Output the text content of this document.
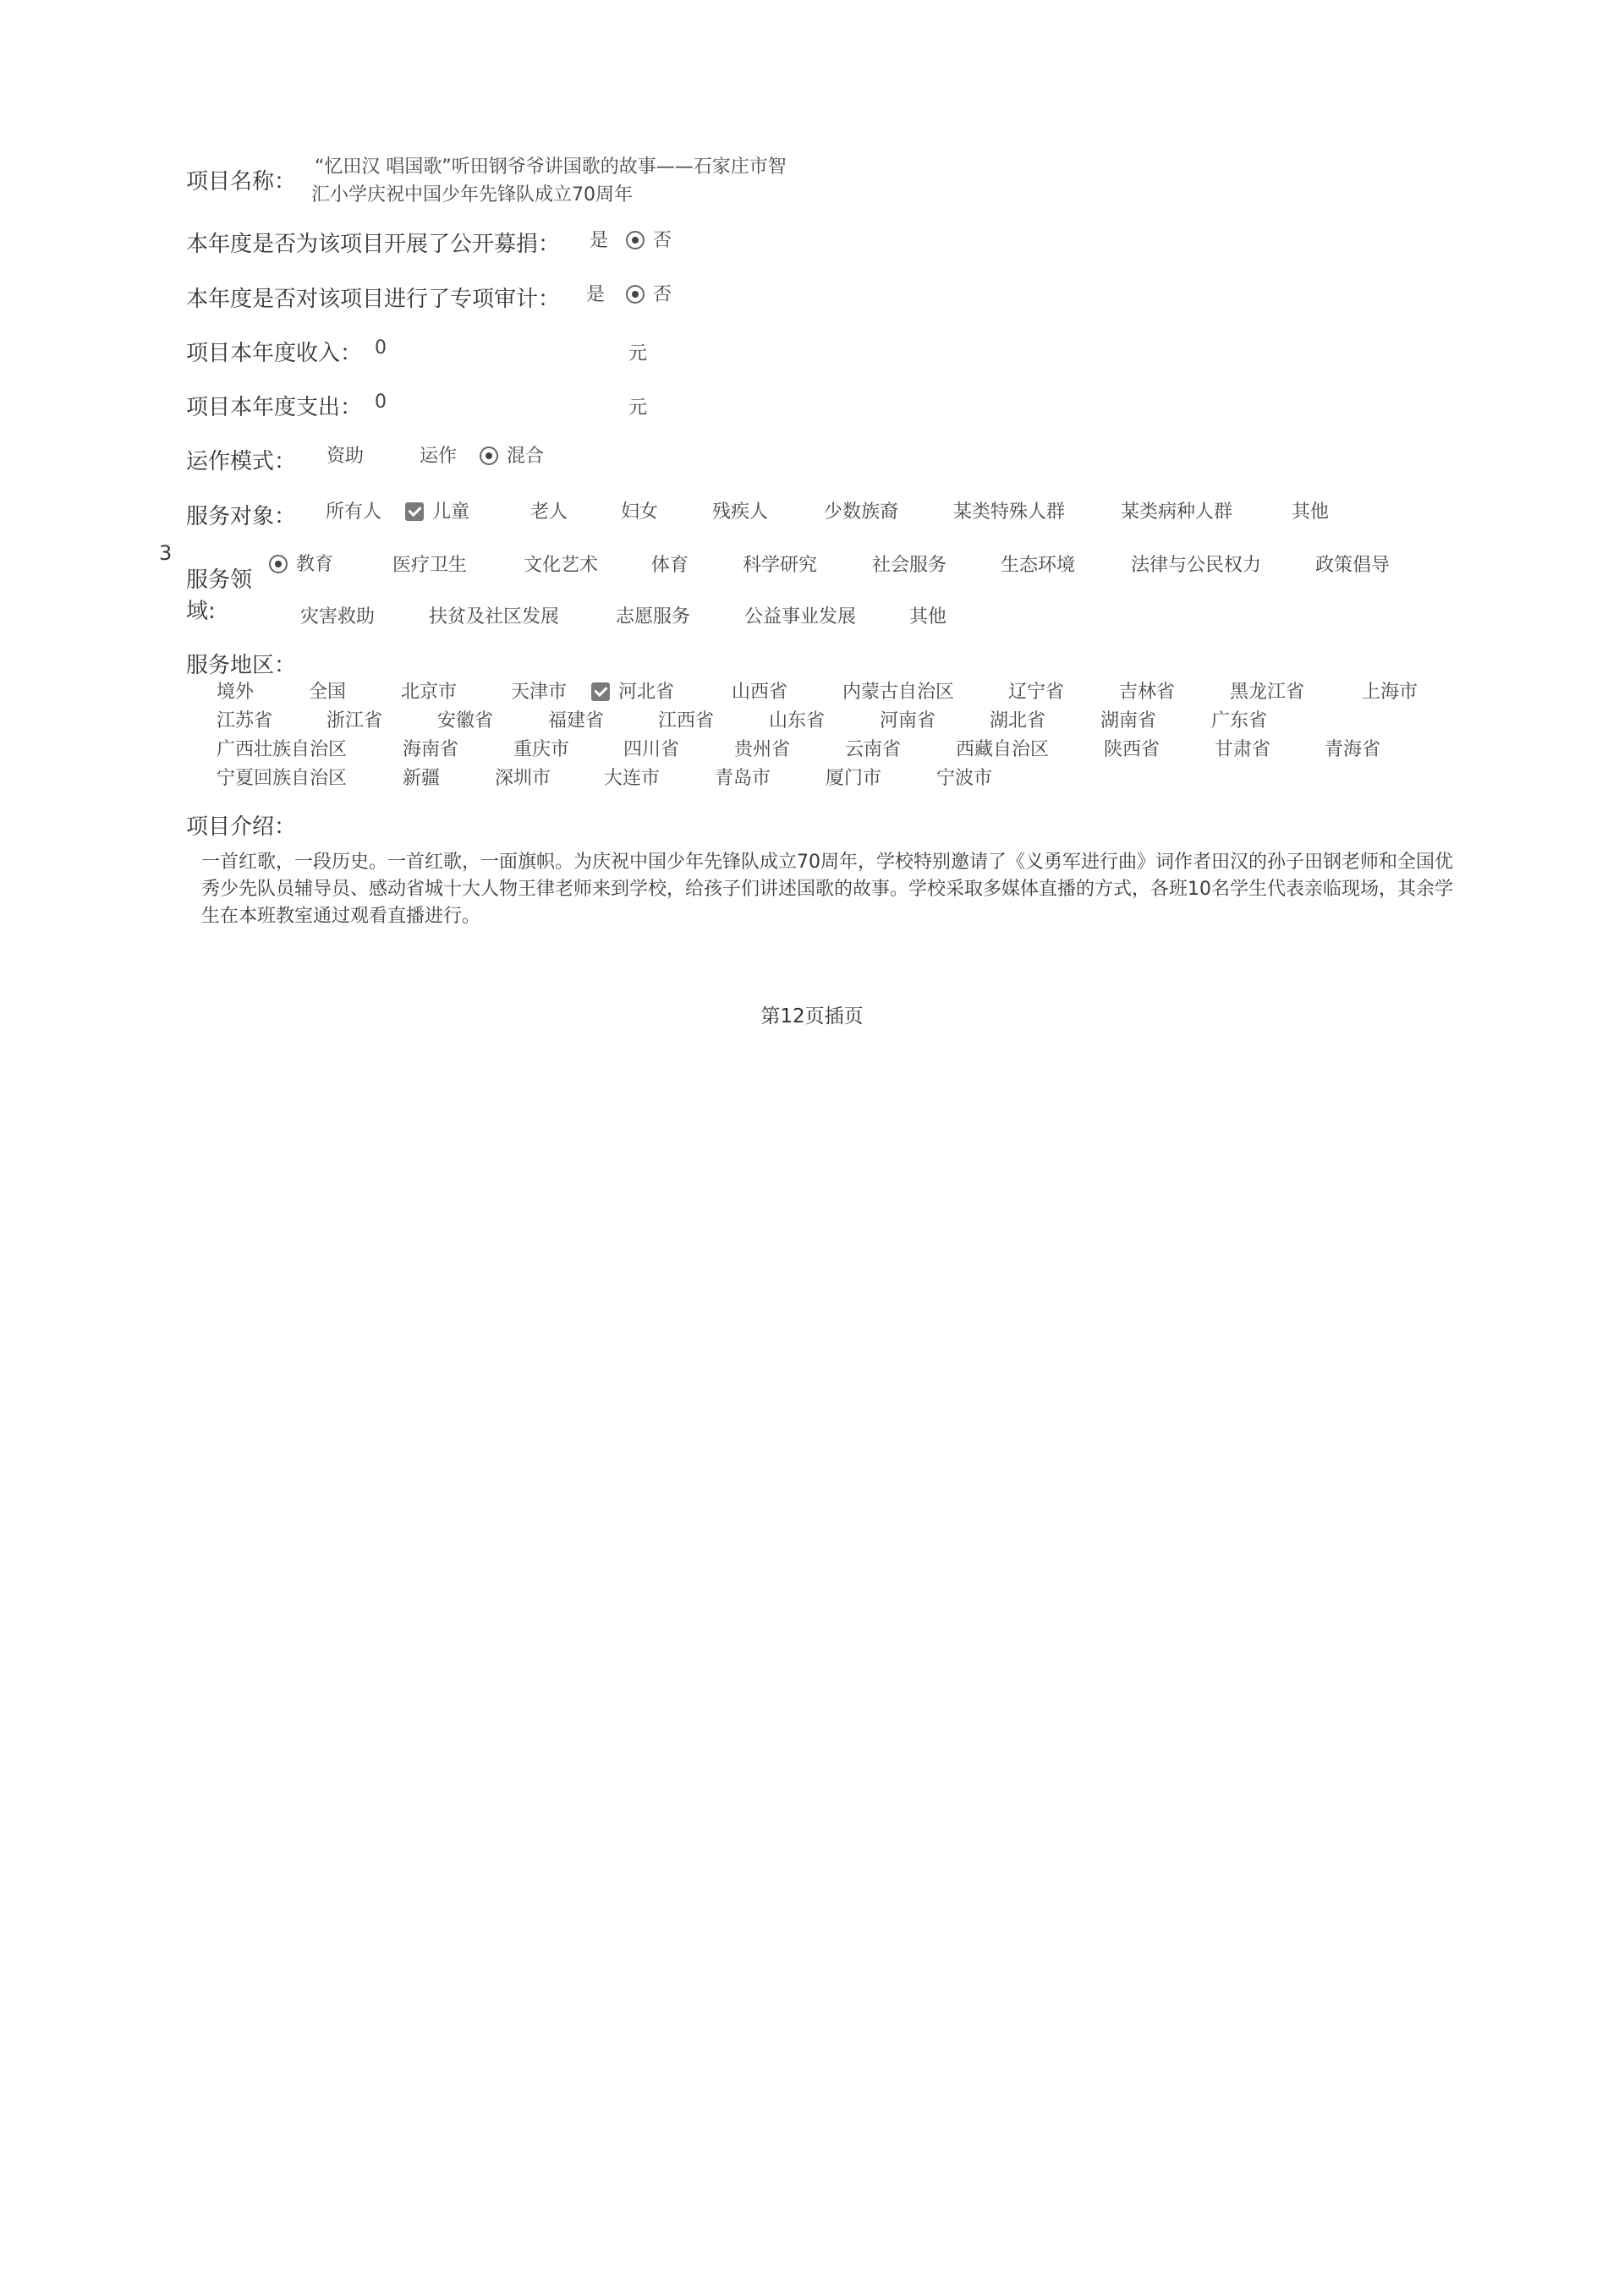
3
项目名称：
“忆田汉 唱国歌”听田钢爷爷讲国歌的故事——石家庄市智
汇小学庆祝中国少年先锋队成立70周年
本年度是否为该项目开展了公开募捐： 是	否
本年度是否对该项目进行了专项审计： 是	否
项目本年度收入： 0	元
项目本年度支出： 0	元
运作模式： 资助	运作	混合
服务对象： 所有人	儿童	老人	妇女	残疾人	少数族裔	某类特殊人群	某类病种人群	其他
服务领
域:
教育	医疗卫生	文化艺术	体育	科学研究	社会服务	生态环境	法律与公民权力	政策倡导
灾害救助	扶贫及社区发展	志愿服务	公益事业发展	其他
服务地区：
境外	全国	北京市	天津市	河北省	山西省	内蒙古自治区	辽宁省	吉林省	黑龙江省	上海市
江苏省	浙江省	安徽省	福建省	江西省	山东省	河南省	湖北省	湖南省	广东省
广西壮族自治区	海南省	重庆市	四川省	贵州省	云南省	西藏自治区	陕西省	甘肃省	青海省
宁夏回族自治区	新疆	深圳市	大连市	青岛市	厦门市	宁波市
项目介绍：
一首红歌，一段历史。一首红歌，一面旗帜。为庆祝中国少年先锋队成立70周年，学校特别邀请了《义勇军进行曲》词作者田汉的孙子田钢老师和全国优秀少先队员辅导员、感动省城十大人物王律老师来到学校，给孩子们讲述国歌的故事。学校采取多媒体直播的方式，各班10名学生代表亲临现场，其余学生在本班教室通过观看直播进行。
第12页插页
